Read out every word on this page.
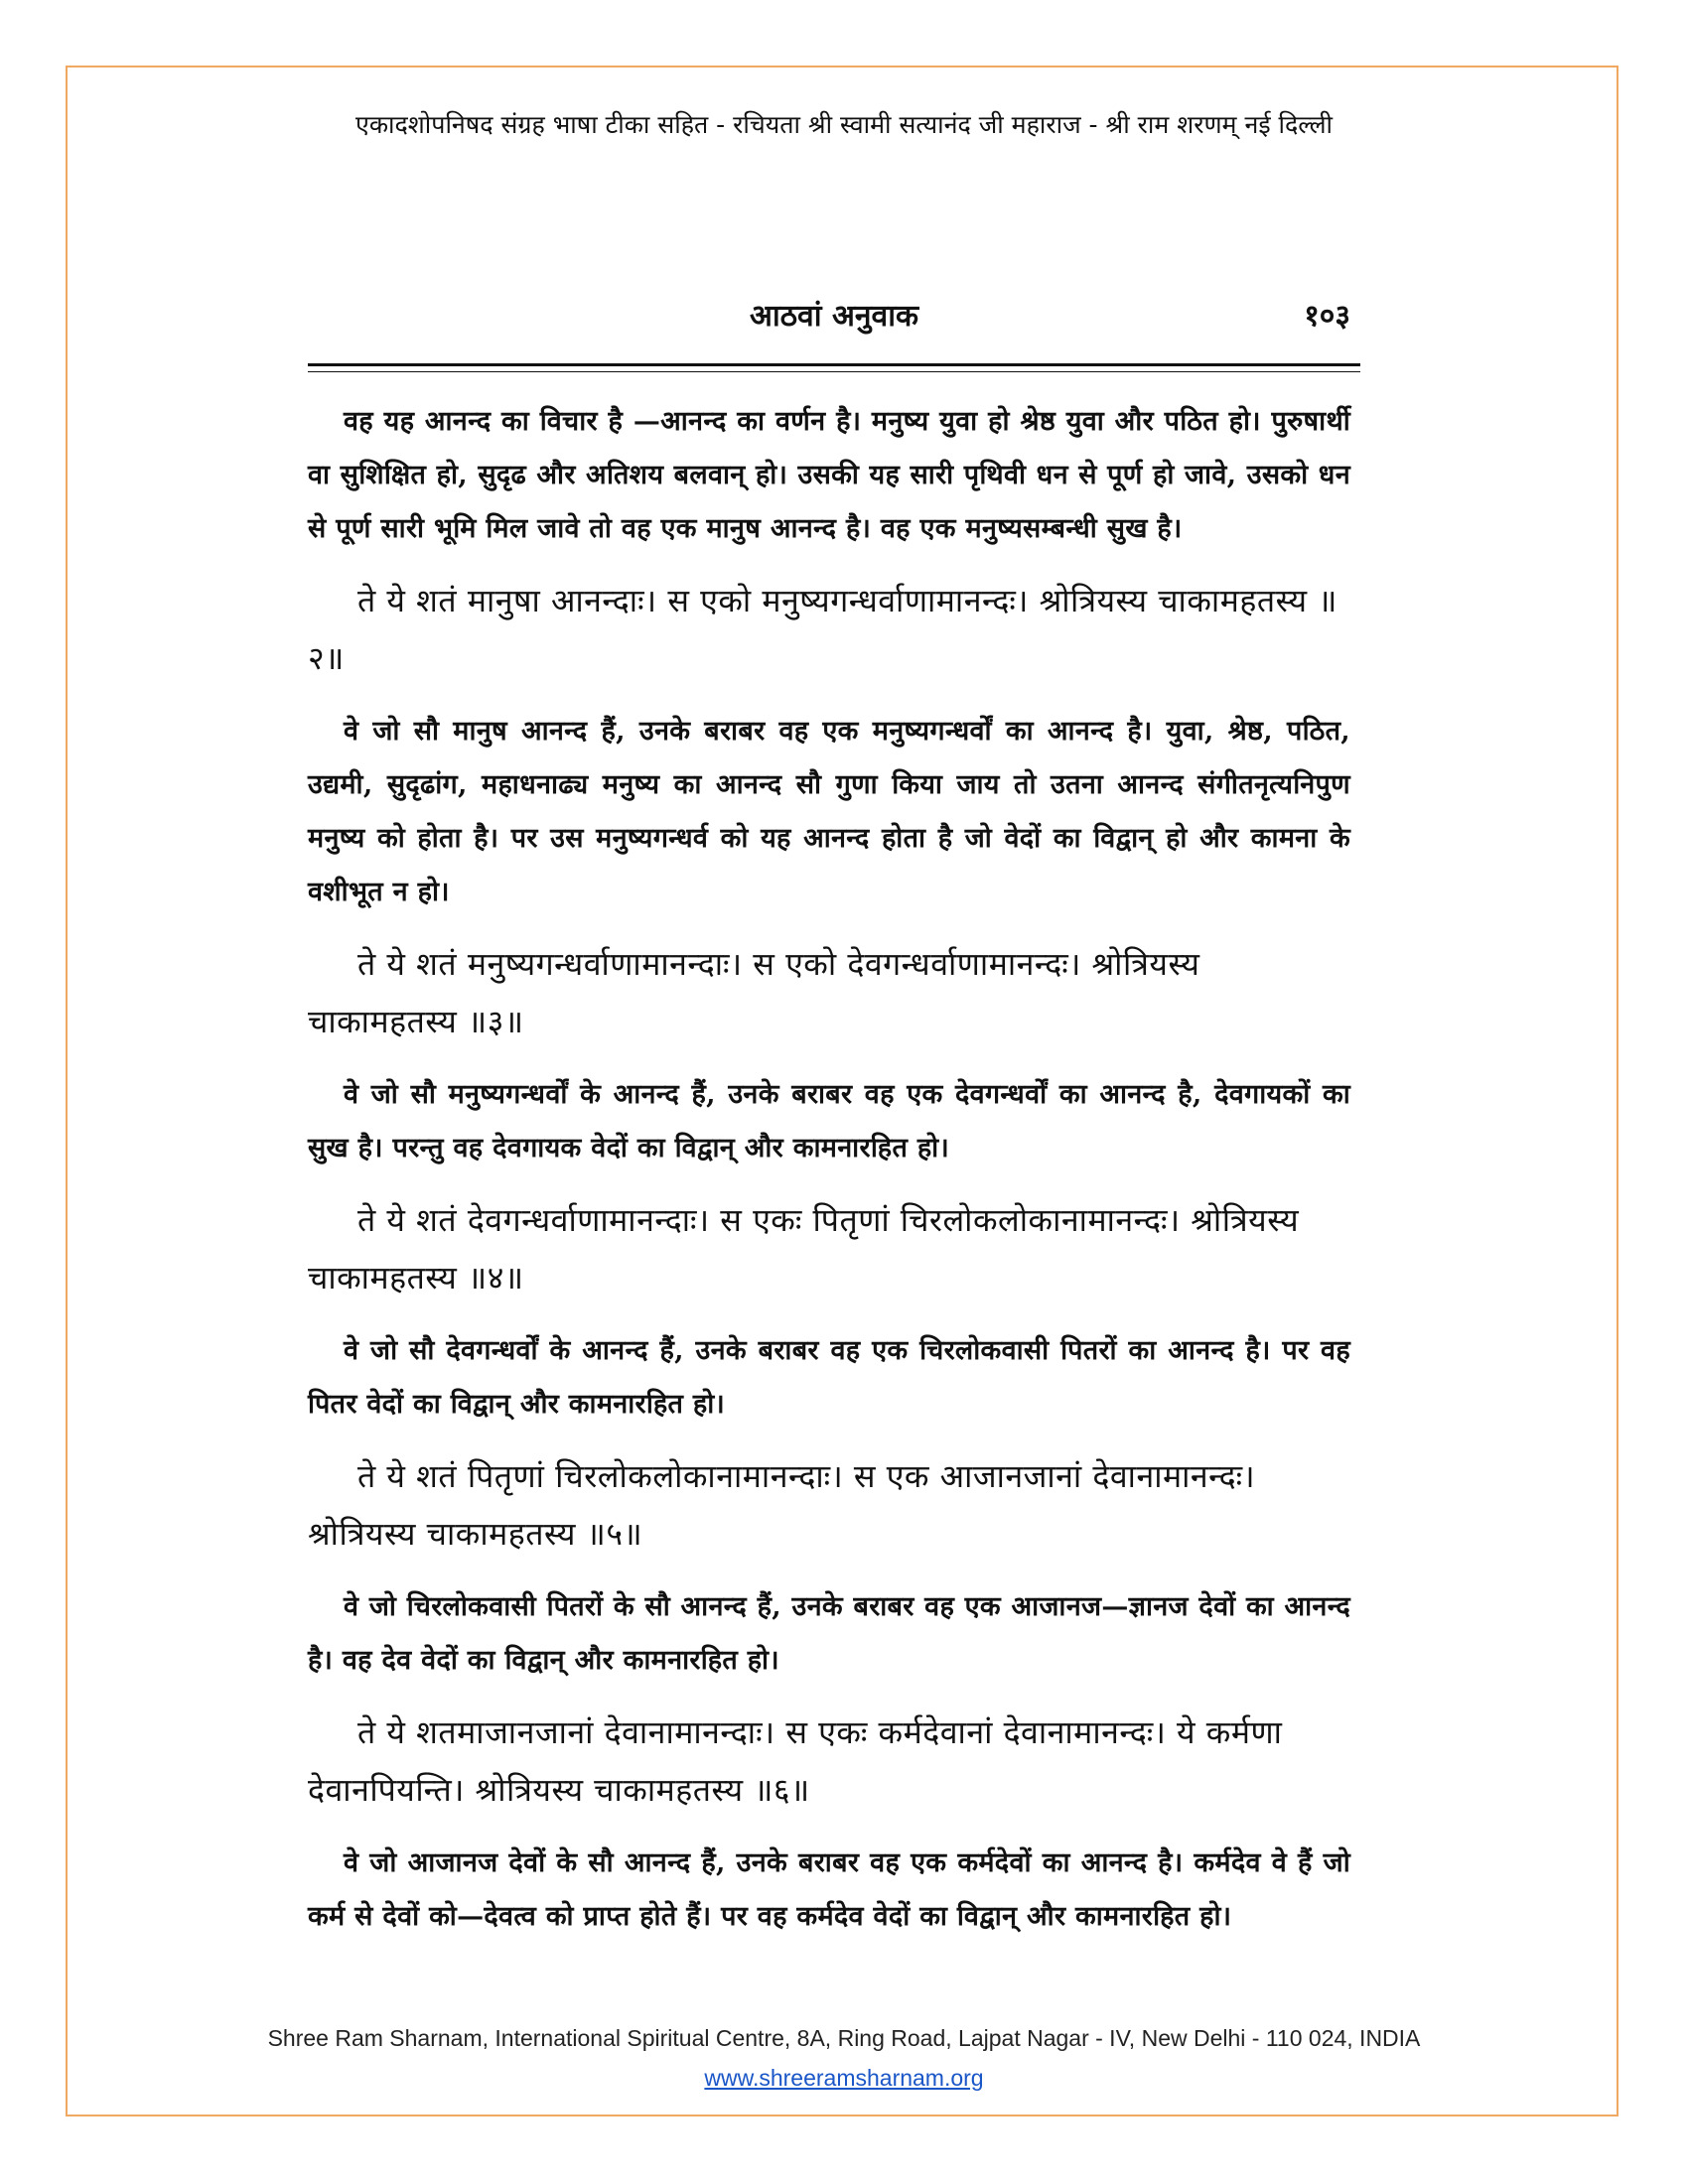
एकादशोपनिषद संग्रह भाषा टीका सहित - रचियता श्री स्वामी सत्यानंद जी महाराज - श्री राम शरणम् नई दिल्ली
आठवां अनुवाक	१०३

वह यह आनन्द का विचार है —आनन्द का वर्णन है। मनुष्य युवा हो श्रेष्ठ युवा और पठित हो। पुरुषार्थी वा सुशिक्षित हो, सुदृढ और अतिशय बलवान् हो। उसकी यह सारी पृथिवी धन से पूर्ण हो जावे, उसको धन से पूर्ण सारी भूमि मिल जावे तो वह एक मानुष आनन्द है। वह एक मनुष्यसम्बन्धी सुख है।

ते ये शतं मानुषा आनन्दाः। स एको मनुष्यगन्धर्वाणामानन्दः। श्रोत्रियस्य चाकामहतस्य ॥२॥

वे जो सौ मानुष आनन्द हैं, उनके बराबर वह एक मनुष्यगन्धर्वों का आनन्द है। युवा, श्रेष्ठ, पठित, उद्यमी, सुदृढांग, महाधनाढ्य मनुष्य का आनन्द सौ गुणा किया जाय तो उतना आनन्द संगीतनृत्यनिपुण मनुष्य को होता है। पर उस मनुष्यगन्धर्व को यह आनन्द होता है जो वेदों का विद्वान् हो और कामना के वशीभूत न हो।

ते ये शतं मनुष्यगन्धर्वाणामानन्दाः। स एको देवगन्धर्वाणामानन्दः। श्रोत्रियस्य चाकामहतस्य ॥३॥

वे जो सौ मनुष्यगन्धर्वों के आनन्द हैं, उनके बराबर वह एक देवगन्धर्वों का आनन्द है, देवगायकों का सुख है। परन्तु वह देवगायक वेदों का विद्वान् और कामनारहित हो।

ते ये शतं देवगन्धर्वाणामानन्दाः। स एकः पितृणां चिरलोकलोकानामानन्दः। श्रोत्रियस्य चाकामहतस्य ॥४॥

वे जो सौ देवगन्धर्वों के आनन्द हैं, उनके बराबर वह एक चिरलोकवासी पितरों का आनन्द है। पर वह पितर वेदों का विद्वान् और कामनारहित हो।

ते ये शतं पितृणां चिरलोकलोकानामानन्दाः। स एक आजानजानां देवानामानन्दः। श्रोत्रियस्य चाकामहतस्य ॥५॥

वे जो चिरलोकवासी पितरों के सौ आनन्द हैं, उनके बराबर वह एक आजानज—ज्ञानज देवों का आनन्द है। वह देव वेदों का विद्वान् और कामनारहित हो।

ते ये शतमाजानजानां देवानामानन्दाः। स एकः कर्मदेवानां देवानामानन्दः। ये कर्मणा देवानपियन्ति। श्रोत्रियस्य चाकामहतस्य ॥६॥

वे जो आजानज देवों के सौ आनन्द हैं, उनके बराबर वह एक कर्मदेवों का आनन्द है। कर्मदेव वे हैं जो कर्म से देवों को—देवत्व को प्राप्त होते हैं। पर वह कर्मदेव वेदों का विद्वान् और कामनारहित हो।

Shree Ram Sharnam, International Spiritual Centre, 8A, Ring Road, Lajpat Nagar - IV, New Delhi - 110 024, INDIA
www.shreeramsharnam.org
